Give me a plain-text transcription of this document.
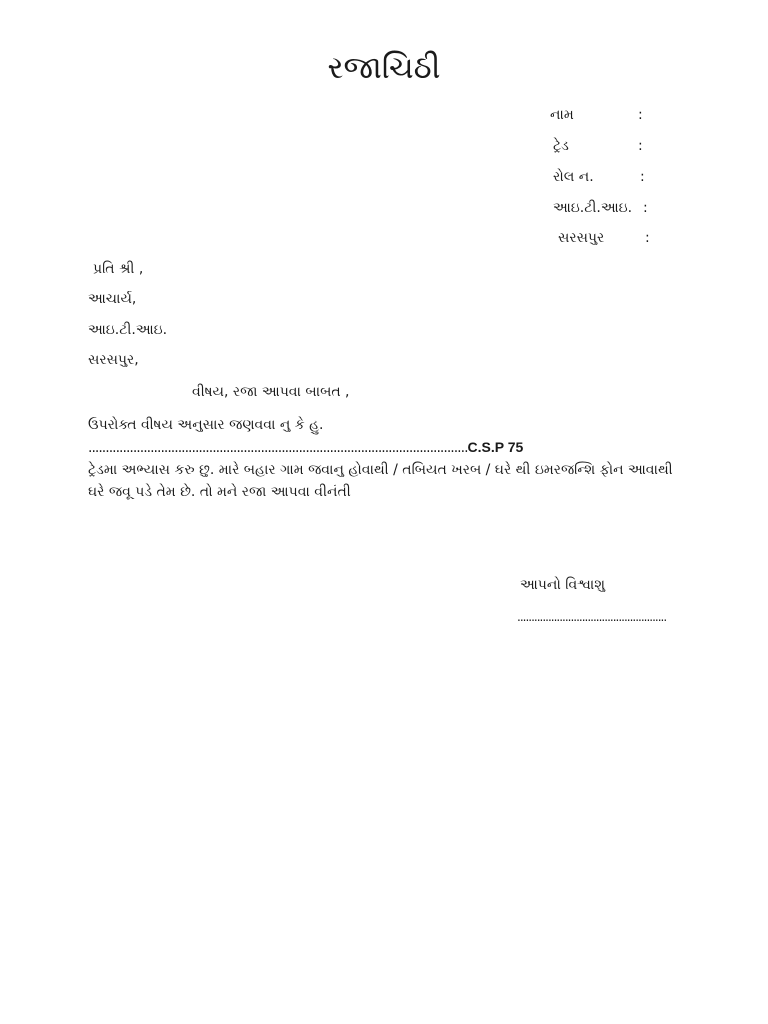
રજાચિઠી
નામ	:
ટ્રેડ	:
રોલ ન.	:
આઇ.ટી.આઇ. :
સરસપુર	:
પ્રતિ શ્રી ,
આચાર્ય,
આઇ.ટી.આઇ.
સરસપુર,
વીષય, રજા આપવા બાબત ,
ઉપરોક્ત વીષય અનુસાર જણવવા નુ કે હુ. ..............................................................................................................C.S.P 75
ટ્રેડમા અભ્યાસ કરુ છુ. મારે બહાર ગામ જવાનુ હોવાથી / તબિયત ખરબ / ઘરે થી ઇમરજન્શિ ફોન આવાથી ઘરે જવૂ પડે તેમ છે. તો મને રજા આપવા વીનંતી
આપનો વિશ્વાશુ
.....................................................
